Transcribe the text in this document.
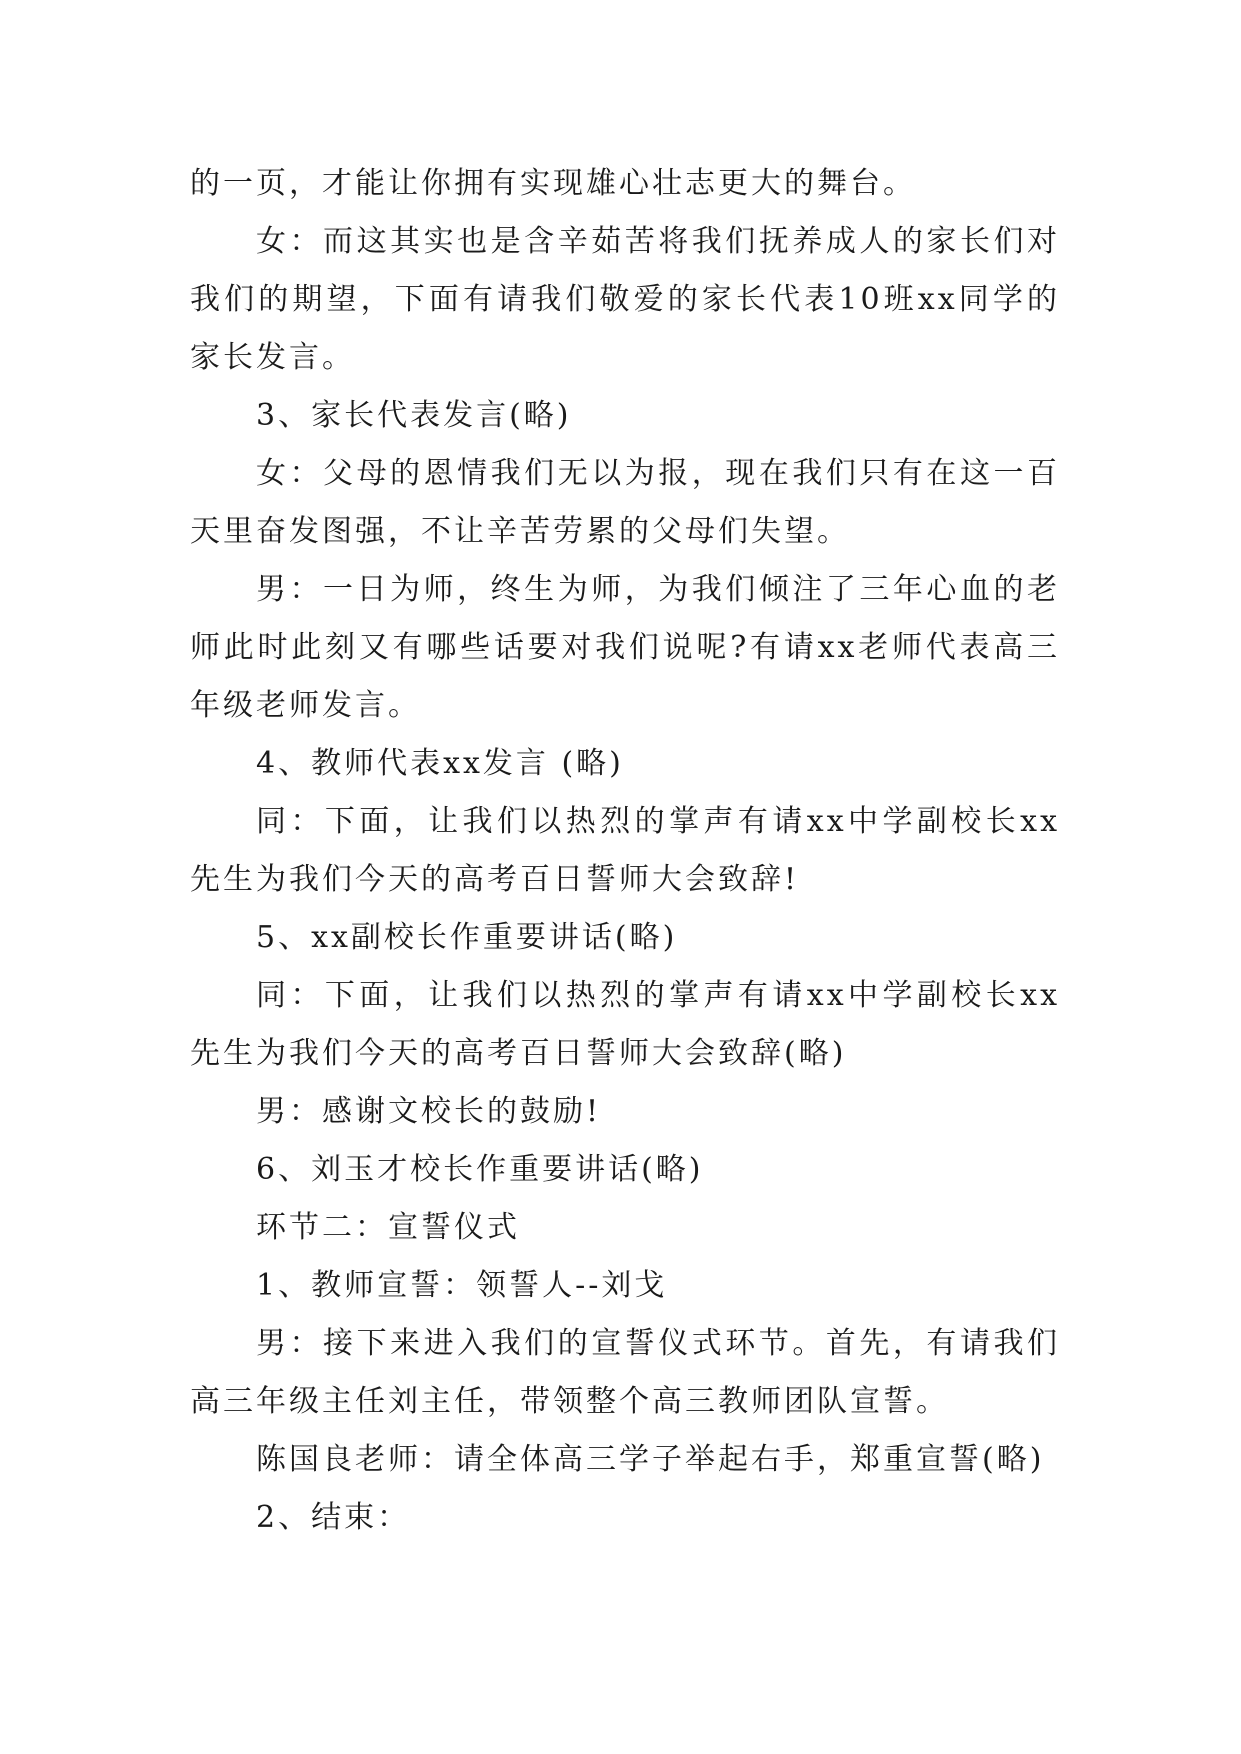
的一页，才能让你拥有实现雄心壮志更大的舞台。

女：而这其实也是含辛茹苦将我们抚养成人的家长们对我们的期望，下面有请我们敬爱的家长代表10班xx同学的家长发言。

3、家长代表发言(略)

女：父母的恩情我们无以为报，现在我们只有在这一百天里奋发图强，不让辛苦劳累的父母们失望。

男：一日为师，终生为师，为我们倾注了三年心血的老师此时此刻又有哪些话要对我们说呢?有请xx老师代表高三年级老师发言。

4、教师代表xx发言 (略)

同：下面，让我们以热烈的掌声有请xx中学副校长xx先生为我们今天的高考百日誓师大会致辞!

5、xx副校长作重要讲话(略)

同：下面，让我们以热烈的掌声有请xx中学副校长xx先生为我们今天的高考百日誓师大会致辞(略)

男：感谢文校长的鼓励!

6、刘玉才校长作重要讲话(略)

环节二：宣誓仪式

1、教师宣誓：领誓人--刘戈

男：接下来进入我们的宣誓仪式环节。首先，有请我们高三年级主任刘主任，带领整个高三教师团队宣誓。

陈国良老师：请全体高三学子举起右手，郑重宣誓(略)

2、结束：
